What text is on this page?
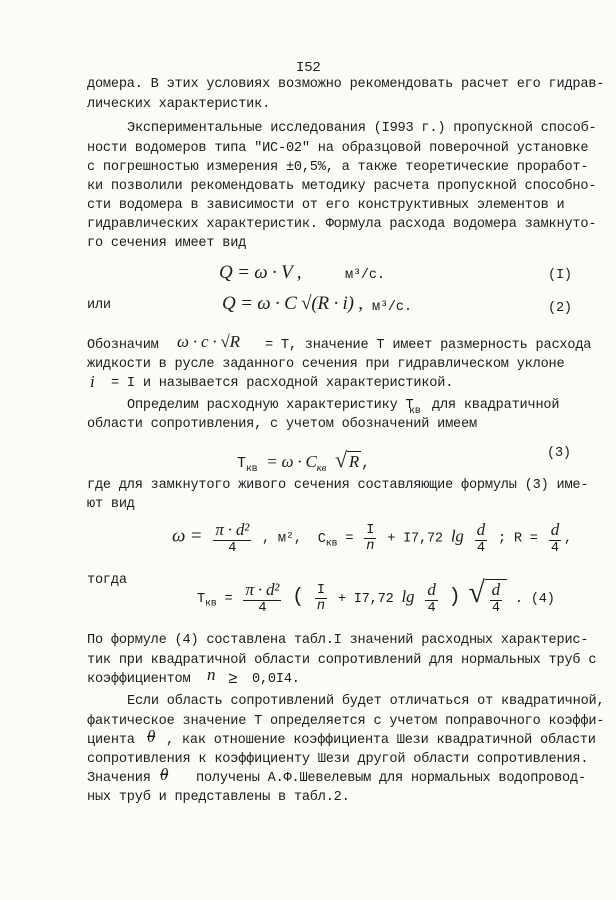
I52
домера. В этих условиях возможно рекомендовать расчет его гидрав-
лических характеристик.
Экспериментальные исследования (I993 г.) пропускной способ-
ности водомеров типа "ИС-02" на образцовой поверочной установке
с погрешностью измерения ±0,5%, а также теоретические проработ-
ки позволили рекомендовать методику расчета пропускной способно-
сти водомера в зависимости от его конструктивных элементов и
гидравлических характеристик. Формула расхода водомера замкнуто-
го сечения имеет вид
Q = ω · V ,	м³/с.	(I)
или	Q = ω · C √(R · i) , м³/с.	(2)
Обозначим ω · c · √R = Т, значение Т имеет размерность расхода
жидкости в русле заданного сечения при гидравлическом уклоне
i = I и называется расходной характеристикой.
Определим расходную характеристику Т
кв для квадратичной
области сопротивления, с учетом обозначений имеем
$Т_{кв} = \omega \cdot C_{кв}$ √ R ,
(3)
где для замкнутого живого сечения составляющие формулы (3) име-
ют вид
ω = π · d²
4
, м², $С_{кв} = \frac{I}{n} + I7,72$ lg d
4
; R =
d
4
,
тогда
$Т_{кв}$ =
π · d²
4	( $\frac{I}{n} + I7,72$ lg d
4 ) √ d
4
. (4)
По формуле (4) составлена табл.I значений расходных характерис-
тик при квадратичной области сопротивлений для нормальных труб с
коэффициентом n ≥ 0,0I4.
Если область сопротивлений будет отличаться от квадратичной,
фактическое значение Т определяется с учетом поправочного коэффи-
циента θ , как отношение коэффициента Шези квадратичной области
сопротивления к коэффициенту Шези другой области сопротивления.
Значения θ получены А.Ф.Шевелевым для нормальных водопровод-
ных труб и представлены в табл.2.
